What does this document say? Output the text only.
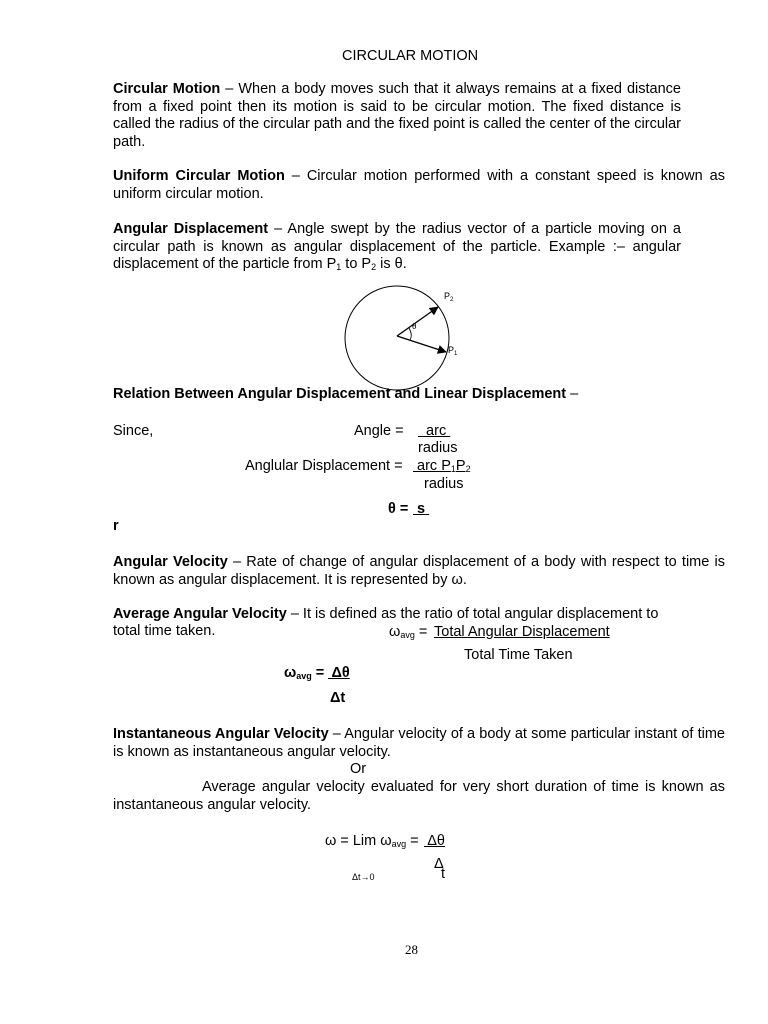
CIRCULAR MOTION
Circular Motion – When a body moves such that it always remains at a fixed distance from a fixed point then its motion is said to be circular motion. The fixed distance is called the radius of the circular path and the fixed point is called the center of the circular path.
Uniform Circular Motion – Circular motion performed with a constant speed is known as uniform circular motion.
Angular Displacement – Angle swept by the radius vector of a particle moving on a circular path is known as angular displacement of the particle. Example :– angular displacement of the particle from $P_1$ to $P_2$ is θ.
θ
$P_2$
$P_1$
Relation Between Angular Displacement and Linear Displacement –
Since,	Angle = arc
radius
Anglular Displacement = arc $P_1P_2$
radius
θ = s
r
Angular Velocity – Rate of change of angular displacement of a body with respect to time is known as angular displacement. It is represented by ω.
Average Angular Velocity – It is defined as the ratio of total angular displacement to total time taken.	$\omega_{avg}$ = Total Angular Displacement
Total Time Taken
$\omega_{avg} = \Delta\theta$
Δt
Instantaneous Angular Velocity – Angular velocity of a body at some particular instant of time is known as instantaneous angular velocity.
Or
Average angular velocity evaluated for very short duration of time is known as instantaneous angular velocity.
ω = Lim $\omega_{avg} = \Delta\theta$
Δ
t
Δt→0
28
